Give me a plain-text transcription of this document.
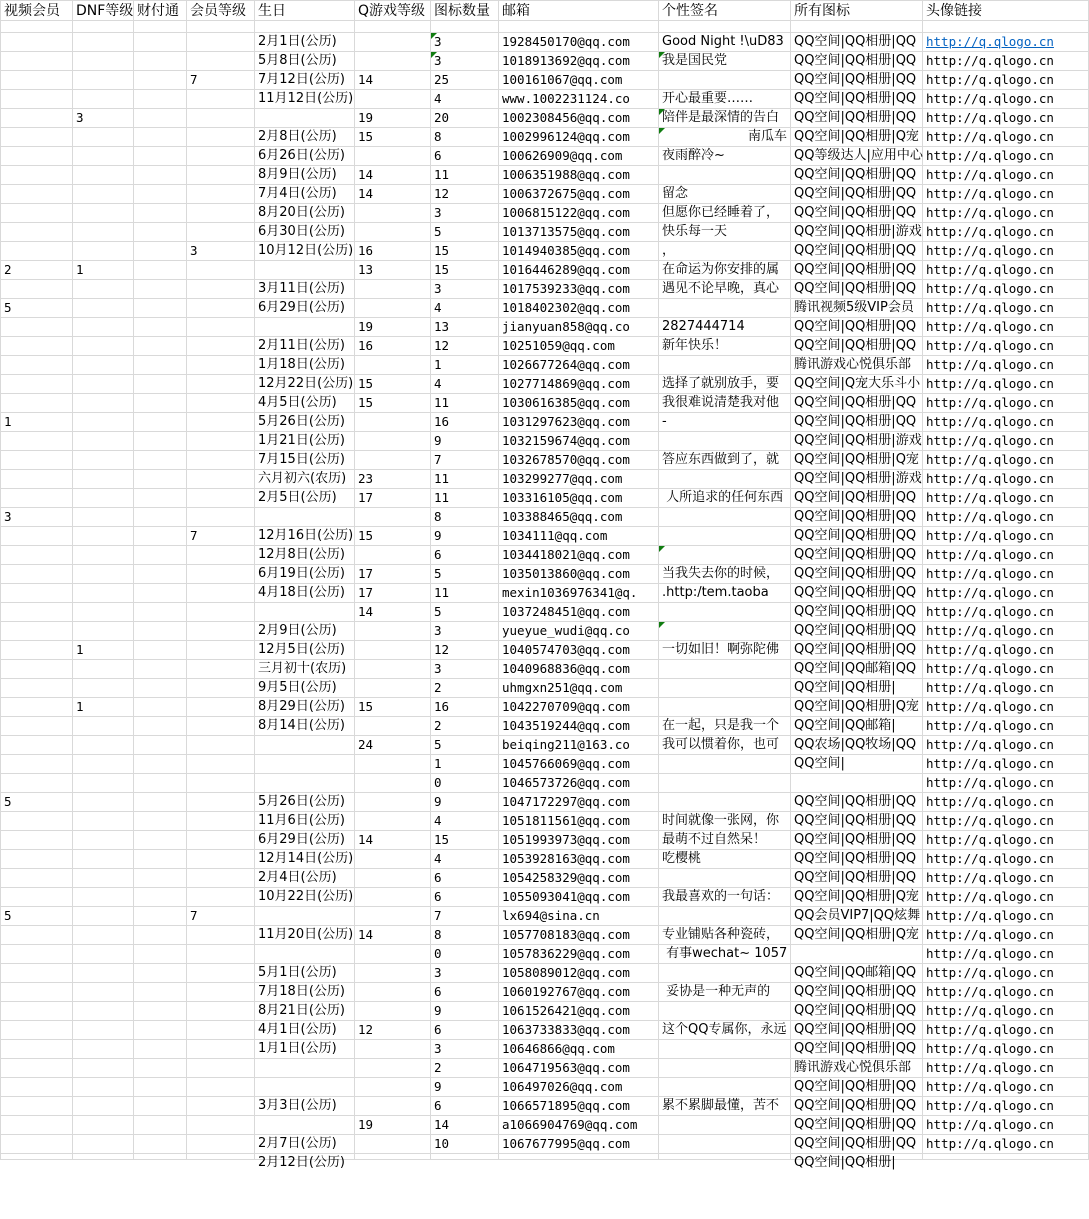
视频会员	DNF等级	财付通	会员等级	生日	Q游戏等级	图标数量	邮箱	个性签名	所有图标	头像链接

				2月1日(公历)		3	1928450170@qq.com	Good Night !\uD83	QQ空间|QQ相册|QQ	http://q.qlogo.cn

				5月8日(公历)		3	1018913692@qq.com	我是国民党	QQ空间|QQ相册|QQ	http://q.qlogo.cn

			7	7月12日(公历)	14	25	100161067@qq.com		QQ空间|QQ相册|QQ	http://q.qlogo.cn

				11月12日(公历)		4	www.1002231124.co	开心最重要……	QQ空间|QQ相册|QQ	http://q.qlogo.cn

	3				19	20	1002308456@qq.com	陪伴是最深情的告白	QQ空间|QQ相册|QQ	http://q.qlogo.cn

				2月8日(公历)	15	8	1002996124@qq.com	南瓜车	QQ空间|QQ相册|Q宠	http://q.qlogo.cn

				6月26日(公历)		6	100626909@qq.com	夜雨醉冷~	QQ等级达人|应用中心	http://q.qlogo.cn

				8月9日(公历)	14	11	1006351988@qq.com		QQ空间|QQ相册|QQ	http://q.qlogo.cn

				7月4日(公历)	14	12	1006372675@qq.com	留念	QQ空间|QQ相册|QQ	http://q.qlogo.cn

				8月20日(公历)		3	1006815122@qq.com	但愿你已经睡着了，	QQ空间|QQ相册|QQ	http://q.qlogo.cn

				6月30日(公历)		5	1013713575@qq.com	快乐每一天	QQ空间|QQ相册|游戏	http://q.qlogo.cn

			3	10月12日(公历)	16	15	1014940385@qq.com	，	QQ空间|QQ相册|QQ	http://q.qlogo.cn

2	1				13	15	1016446289@qq.com	在命运为你安排的属	QQ空间|QQ相册|QQ	http://q.qlogo.cn

				3月11日(公历)		3	1017539233@qq.com	遇见不论早晚，真心	QQ空间|QQ相册|QQ	http://q.qlogo.cn

5				6月29日(公历)		4	1018402302@qq.com		腾讯视频5级VIP会员	http://q.qlogo.cn

					19	13	jianyuan858@qq.co	2827444714	QQ空间|QQ相册|QQ	http://q.qlogo.cn

				2月11日(公历)	16	12	10251059@qq.com	新年快乐！	QQ空间|QQ相册|QQ	http://q.qlogo.cn

				1月18日(公历)		1	1026677264@qq.com		腾讯游戏心悦俱乐部	http://q.qlogo.cn

				12月22日(公历)	15	4	1027714869@qq.com	选择了就别放手，要	QQ空间|Q宠大乐斗小	http://q.qlogo.cn

				4月5日(公历)	15	11	1030616385@qq.com	我很难说清楚我对他	QQ空间|QQ相册|QQ	http://q.qlogo.cn

1				5月26日(公历)		16	1031297623@qq.com	-	QQ空间|QQ相册|QQ	http://q.qlogo.cn

				1月21日(公历)		9	1032159674@qq.com		QQ空间|QQ相册|游戏	http://q.qlogo.cn

				7月15日(公历)		7	1032678570@qq.com	答应东西做到了，就	QQ空间|QQ相册|Q宠	http://q.qlogo.cn

				六月初六(农历)	23	11	103299277@qq.com		QQ空间|QQ相册|游戏	http://q.qlogo.cn

				2月5日(公历)	17	11	103316105@qq.com	人所追求的任何东西	QQ空间|QQ相册|QQ	http://q.qlogo.cn

3						8	103388465@qq.com		QQ空间|QQ相册|QQ	http://q.qlogo.cn

			7	12月16日(公历)	15	9	1034111@qq.com		QQ空间|QQ相册|QQ	http://q.qlogo.cn

				12月8日(公历)		6	1034418021@qq.com		QQ空间|QQ相册|QQ	http://q.qlogo.cn

				6月19日(公历)	17	5	1035013860@qq.com	当我失去你的时候，	QQ空间|QQ相册|QQ	http://q.qlogo.cn

				4月18日(公历)	17	11	mexin1036976341@q.	.http:/tem.taoba	QQ空间|QQ相册|QQ	http://q.qlogo.cn

					14	5	1037248451@qq.com		QQ空间|QQ相册|QQ	http://q.qlogo.cn

				2月9日(公历)		3	yueyue_wudi@qq.co		QQ空间|QQ相册|QQ	http://q.qlogo.cn

	1			12月5日(公历)		12	1040574703@qq.com	一切如旧！啊弥陀佛	QQ空间|QQ相册|QQ	http://q.qlogo.cn

				三月初十(农历)		3	1040968836@qq.com		QQ空间|QQ邮箱|QQ	http://q.qlogo.cn

				9月5日(公历)		2	uhmgxn251@qq.com		QQ空间|QQ相册|	http://q.qlogo.cn

	1			8月29日(公历)	15	16	1042270709@qq.com		QQ空间|QQ相册|Q宠	http://q.qlogo.cn

				8月14日(公历)		2	1043519244@qq.com	在一起，只是我一个	QQ空间|QQ邮箱|	http://q.qlogo.cn

					24	5	beiqing211@163.co	我可以惯着你，也可	QQ农场|QQ牧场|QQ	http://q.qlogo.cn

						1	1045766069@qq.com		QQ空间|	http://q.qlogo.cn

						0	1046573726@qq.com			http://q.qlogo.cn

5				5月26日(公历)		9	1047172297@qq.com		QQ空间|QQ相册|QQ	http://q.qlogo.cn

				11月6日(公历)		4	1051811561@qq.com	时间就像一张网，你	QQ空间|QQ相册|QQ	http://q.qlogo.cn

				6月29日(公历)	14	15	1051993973@qq.com	最萌不过自然呆！	QQ空间|QQ相册|QQ	http://q.qlogo.cn

				12月14日(公历)		4	1053928163@qq.com	吃樱桃	QQ空间|QQ相册|QQ	http://q.qlogo.cn

				2月4日(公历)		6	1054258329@qq.com		QQ空间|QQ相册|QQ	http://q.qlogo.cn

				10月22日(公历)		6	1055093041@qq.com	我最喜欢的一句话：	QQ空间|QQ相册|Q宠	http://q.qlogo.cn

5			7			7	lx694@sina.cn		QQ会员VIP7|QQ炫舞	http://q.qlogo.cn

				11月20日(公历)	14	8	1057708183@qq.com	专业铺贴各种瓷砖，	QQ空间|QQ相册|Q宠	http://q.qlogo.cn

						0	1057836229@qq.com	有事wechat~ 1057		http://q.qlogo.cn

				5月1日(公历)		3	1058089012@qq.com		QQ空间|QQ邮箱|QQ	http://q.qlogo.cn

				7月18日(公历)		6	1060192767@qq.com	妥协是一种无声的	QQ空间|QQ相册|QQ	http://q.qlogo.cn

				8月21日(公历)		9	1061526421@qq.com		QQ空间|QQ相册|QQ	http://q.qlogo.cn

				4月1日(公历)	12	6	1063733833@qq.com	这个QQ专属你，永远	QQ空间|QQ相册|QQ	http://q.qlogo.cn

				1月1日(公历)		3	10646866@qq.com		QQ空间|QQ相册|QQ	http://q.qlogo.cn

						2	1064719563@qq.com		腾讯游戏心悦俱乐部	http://q.qlogo.cn

						9	106497026@qq.com		QQ空间|QQ相册|QQ	http://q.qlogo.cn

				3月3日(公历)		6	1066571895@qq.com	累不累脚最懂，苦不	QQ空间|QQ相册|QQ	http://q.qlogo.cn

					19	14	a1066904769@qq.com		QQ空间|QQ相册|QQ	http://q.qlogo.cn

				2月7日(公历)		10	1067677995@qq.com		QQ空间|QQ相册|QQ	http://q.qlogo.cn

				2月12日(公历)					QQ空间|QQ相册|	
